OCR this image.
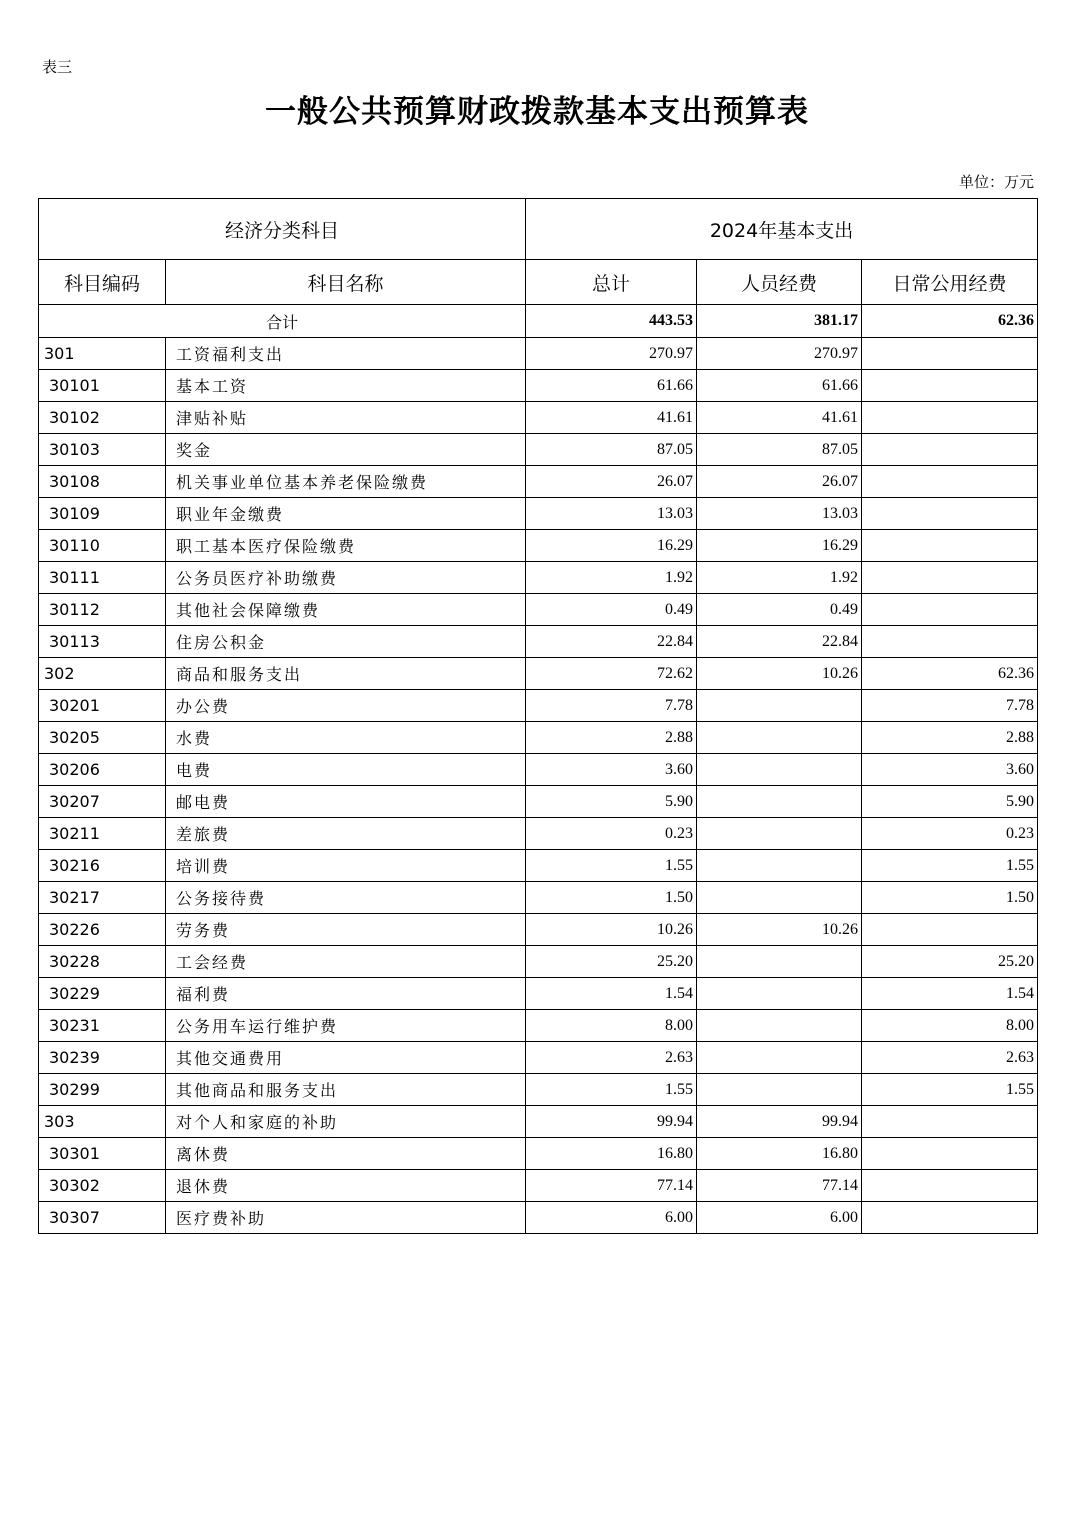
表三
一般公共预算财政拨款基本支出预算表
单位：万元
经济分类科目		2024年基本支出		
科目编码	科目名称	总计	人员经费	日常公用经费
合计		443.53	381.17	62.36
301	工资福利支出	270.97	270.97	
30101	基本工资	61.66	61.66	
30102	津贴补贴	41.61	41.61	
30103	奖金	87.05	87.05	
30108	机关事业单位基本养老保险缴费	26.07	26.07	
30109	职业年金缴费	13.03	13.03	
30110	职工基本医疗保险缴费	16.29	16.29	
30111	公务员医疗补助缴费	1.92	1.92	
30112	其他社会保障缴费	0.49	0.49	
30113	住房公积金	22.84	22.84	
302	商品和服务支出	72.62	10.26	62.36
30201	办公费	7.78		7.78
30205	水费	2.88		2.88
30206	电费	3.60		3.60
30207	邮电费	5.90		5.90
30211	差旅费	0.23		0.23
30216	培训费	1.55		1.55
30217	公务接待费	1.50		1.50
30226	劳务费	10.26	10.26	
30228	工会经费	25.20		25.20
30229	福利费	1.54		1.54
30231	公务用车运行维护费	8.00		8.00
30239	其他交通费用	2.63		2.63
30299	其他商品和服务支出	1.55		1.55
303	对个人和家庭的补助	99.94	99.94	
30301	离休费	16.80	16.80	
30302	退休费	77.14	77.14	
30307	医疗费补助	6.00	6.00	
